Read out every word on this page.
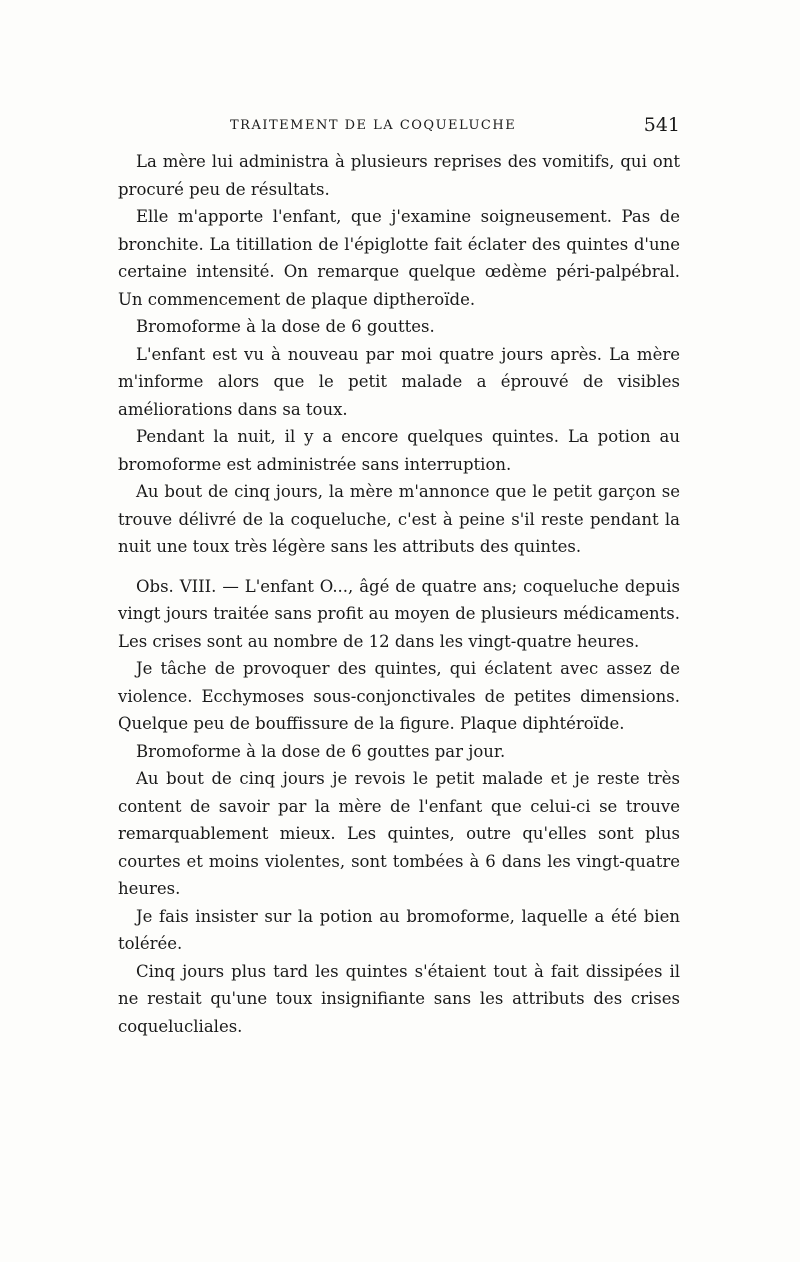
TRAITEMENT DE LA COQUELUCHE	541

La mère lui administra à plusieurs reprises des vomitifs, qui ont procuré peu de résultats.

Elle m'apporte l'enfant, que j'examine soigneusement. Pas de bronchite. La titillation de l'épiglotte fait éclater des quintes d'une certaine intensité. On remarque quelque œdème péri-palpébral. Un commencement de plaque diptheroïde.

Bromoforme à la dose de 6 gouttes.

L'enfant est vu à nouveau par moi quatre jours après. La mère m'informe alors que le petit malade a éprouvé de visibles améliorations dans sa toux.

Pendant la nuit, il y a encore quelques quintes. La potion au bromoforme est administrée sans interruption.

Au bout de cinq jours, la mère m'annonce que le petit garçon se trouve délivré de la coqueluche, c'est à peine s'il reste pendant la nuit une toux très légère sans les attributs des quintes.

Obs. VIII. — L'enfant O..., âgé de quatre ans; coqueluche depuis vingt jours traitée sans profit au moyen de plusieurs médicaments. Les crises sont au nombre de 12 dans les vingt-quatre heures.

Je tâche de provoquer des quintes, qui éclatent avec assez de violence. Ecchymoses sous-conjonctivales de petites dimensions. Quelque peu de bouffissure de la figure. Plaque diphtéroïde.

Bromoforme à la dose de 6 gouttes par jour.

Au bout de cinq jours je revois le petit malade et je reste très content de savoir par la mère de l'enfant que celui-ci se trouve remarquablement mieux. Les quintes, outre qu'elles sont plus courtes et moins violentes, sont tombées à 6 dans les vingt-quatre heures.

Je fais insister sur la potion au bromoforme, laquelle a été bien tolérée.

Cinq jours plus tard les quintes s'étaient tout à fait dissipées il ne restait qu'une toux insignifiante sans les attributs des crises coquelucliales.
